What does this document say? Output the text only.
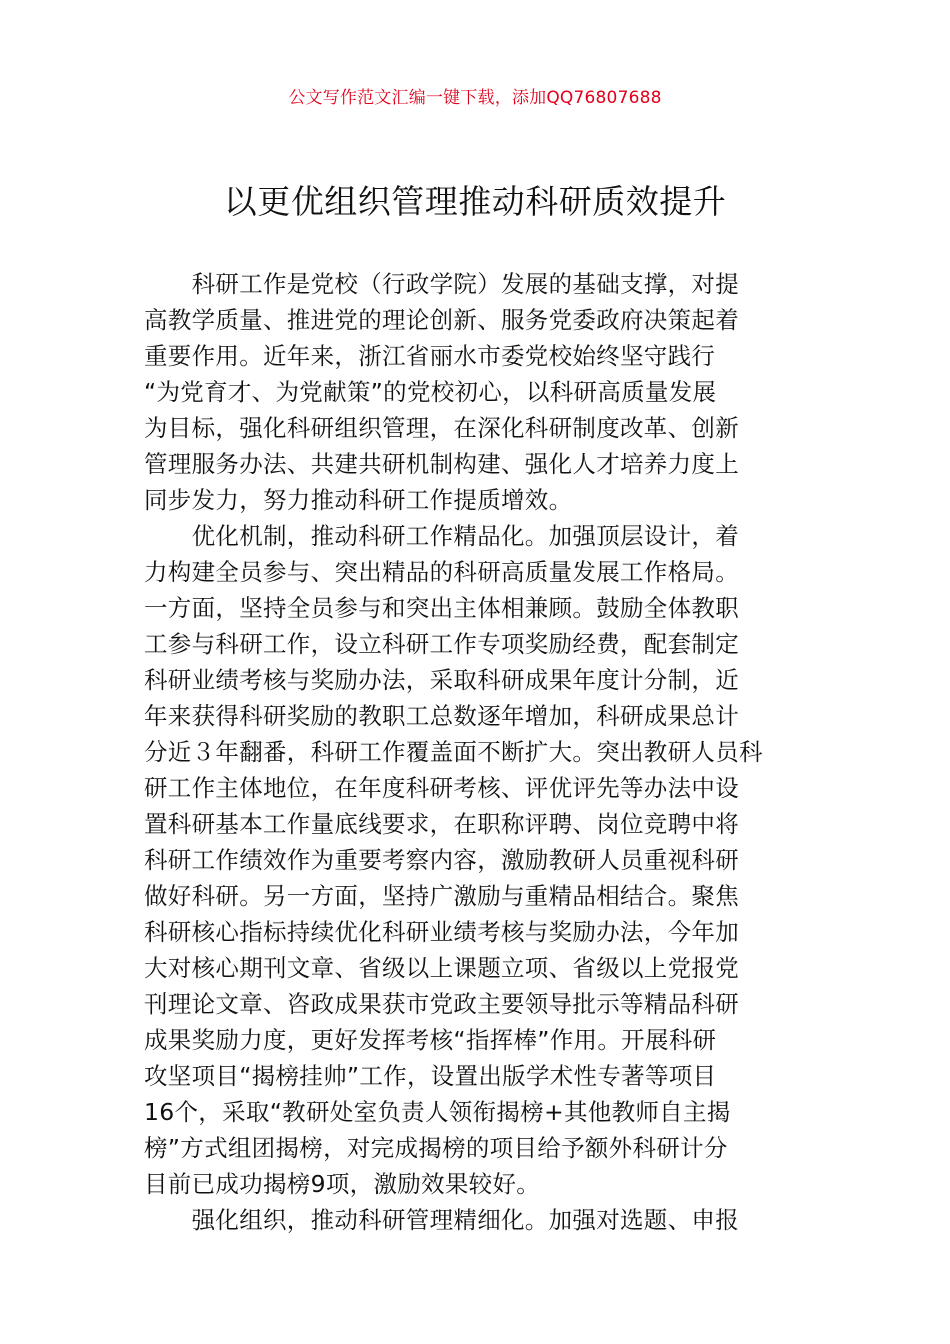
公文写作范文汇编一键下载，添加QQ76807688
以更优组织管理推动科研质效提升
　　科研工作是党校（行政学院）发展的基础支撑，对提
高教学质量、推进党的理论创新、服务党委政府决策起着
重要作用。近年来，浙江省丽水市委党校始终坚守践行
“为党育才、为党献策”的党校初心，以科研高质量发展
为目标，强化科研组织管理，在深化科研制度改革、创新
管理服务办法、共建共研机制构建、强化人才培养力度上
同步发力，努力推动科研工作提质增效。
　　优化机制，推动科研工作精品化。加强顶层设计，着
力构建全员参与、突出精品的科研高质量发展工作格局。
一方面，坚持全员参与和突出主体相兼顾。鼓励全体教职
工参与科研工作，设立科研工作专项奖励经费，配套制定
科研业绩考核与奖励办法，采取科研成果年度计分制，近
年来获得科研奖励的教职工总数逐年增加，科研成果总计
分近３年翻番，科研工作覆盖面不断扩大。突出教研人员科
研工作主体地位，在年度科研考核、评优评先等办法中设
置科研基本工作量底线要求，在职称评聘、岗位竞聘中将
科研工作绩效作为重要考察内容，激励教研人员重视科研
做好科研。另一方面，坚持广激励与重精品相结合。聚焦
科研核心指标持续优化科研业绩考核与奖励办法，今年加
大对核心期刊文章、省级以上课题立项、省级以上党报党
刊理论文章、咨政成果获市党政主要领导批示等精品科研
成果奖励力度，更好发挥考核“指挥棒”作用。开展科研
攻坚项目“揭榜挂帅”工作，设置出版学术性专著等项目
16个，采取“教研处室负责人领衔揭榜+其他教师自主揭
榜”方式组团揭榜，对完成揭榜的项目给予额外科研计分
目前已成功揭榜9项，激励效果较好。
　　强化组织，推动科研管理精细化。加强对选题、申报
